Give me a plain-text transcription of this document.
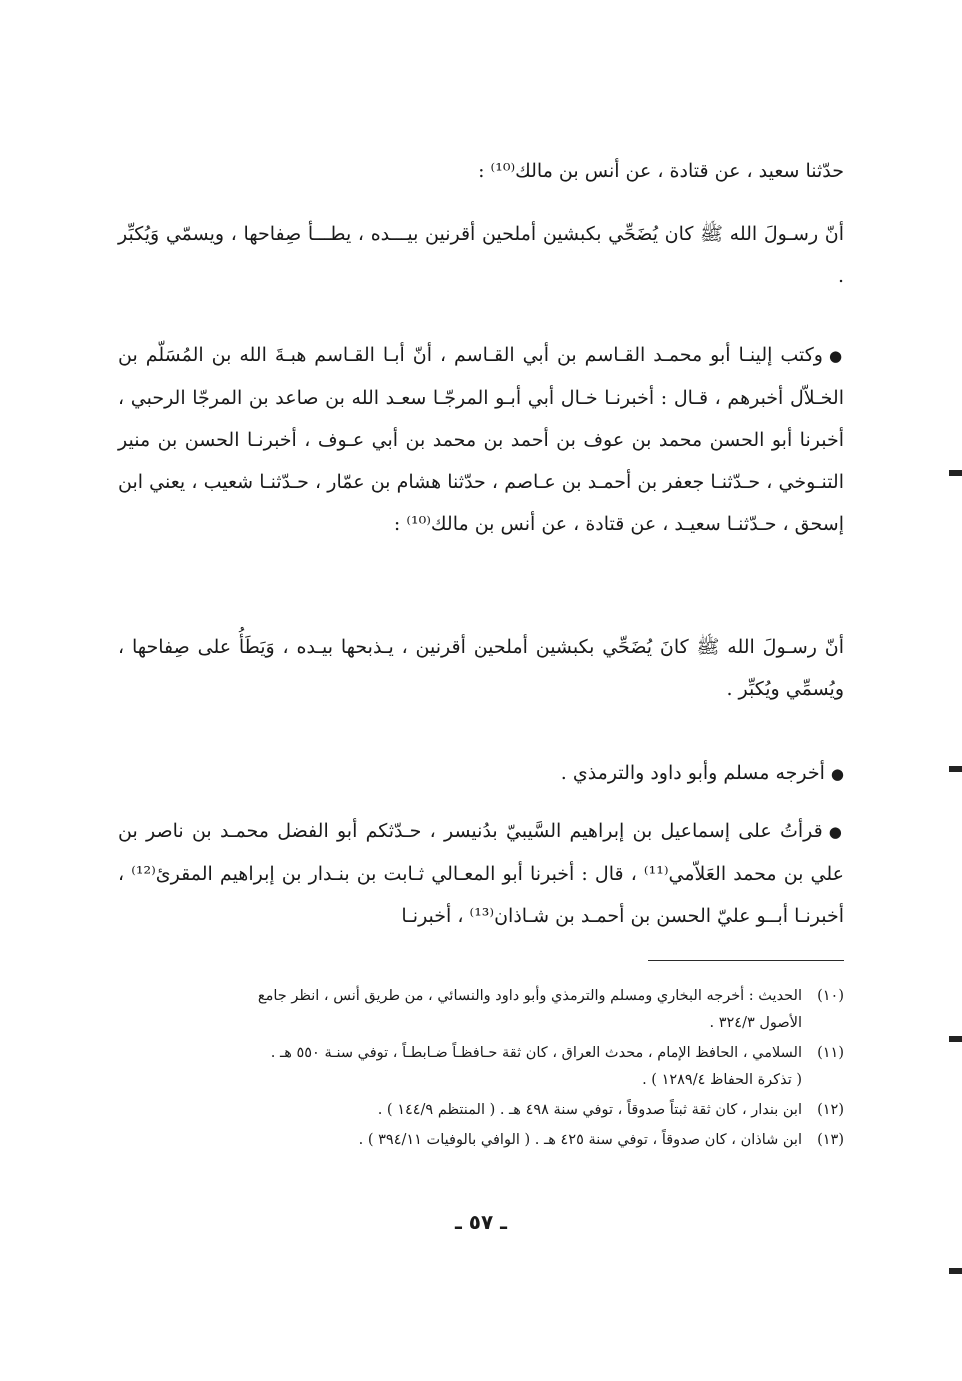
حدّثنا سعيد ، عن قتادة ، عن أنس بن مالك⁽¹⁰⁾ :

أنّ رسـولَ الله ﷺ كان يُضَحِّي بكبشين أملحين أقرنين بيـــده ، يطـــأ صِفاحها ، ويسمّي وَيُكبِّر .

●وكتب إلينـا أبو محمـد القـاسم بن أبي القـاسم ، أنّ أبـا القـاسم هبـةَ الله بن المُسَلّم بن الخـلاّل أخبرهم ، قـال : أخبرنـا خـال أبي أبـو المرجّـا سعـد الله بن صاعد بن المرجّا الرحبي ، أخبرنا أبو الحسن محمد بن عوف بن أحمد بن محمد بن أبي عـوف ، أخبرنـا الحسن بن منير التنـوخي ، حـدّثنـا جعفر بن أحمـد بن عـاصم ، حدّثنا هشام بن عمّار ، حـدّثنـا شعيب ، يعني ابن إسحق ، حـدّثنـا سعيـد ، عن قتادة ، عن أنس بن مالك⁽¹⁰⁾ :

أنّ رسـولَ الله ﷺ كانَ يُضَحِّي بكبشين أملحين أقرنين ، يـذبحها بيـده ، وَيَطَأُ على صِفاحها ، ويُسمِّي ويُكبِّر .

●أخرجه مسلم وأبو داود والترمذي .

●قرأتُ على إسماعيل بن إبراهيم السَّيبيّ بدُنيسر ، حـدّثكم أبو الفضل محمـد بن ناصر بن علي بن محمد العَلاّمي⁽¹¹⁾ ، قال : أخبرنا أبو المعـالي ثـابت بن بنـدار بن إبراهيم المقرئ⁽¹²⁾ ، أخبرنـا أبــو عليّ الحسن بن أحمـد بن شـاذان⁽¹³⁾ ، أخبرنـا

(١٠)الحديث : أخرجه البخاري ومسلم والترمذي وأبو داود والنسائي ، من طريق أنس ، انظر جامع
الأصول ٣٢٤/٣ .

(١١)السلامي ، الحافظ الإمام ، محدث العراق ، كان ثقة حـافظـاً ضـابطـاً ، توفي سنـة ٥٥٠ هـ .
( تذكرة الحفاظ ١٢٨٩/٤ ) .

(١٢)ابن بندار ، كان ثقة ثبتاً صدوقاً ، توفي سنة ٤٩٨ هـ . ( المنتظم ١٤٤/٩ ) .

(١٣)ابن شاذان ، كان صدوقاً ، توفي سنة ٤٢٥ هـ . ( الوافي بالوفيات ٣٩٤/١١ ) .

ـ ٥٧ ـ
